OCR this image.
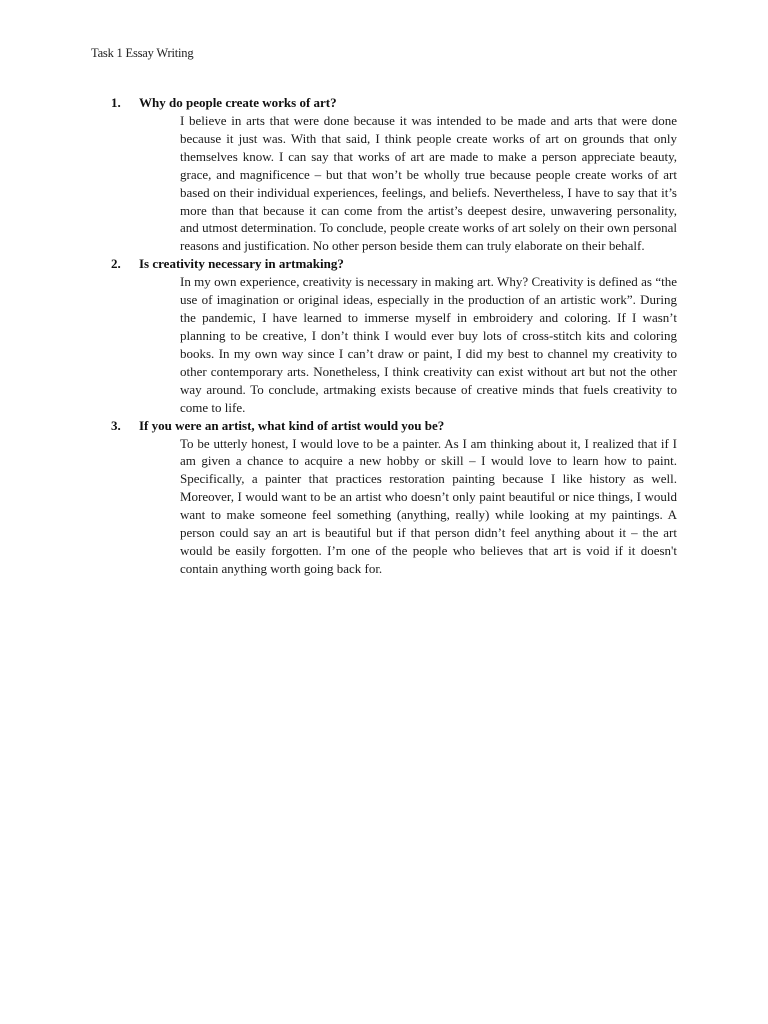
Task 1 Essay Writing
1.	Why do people create works of art?

I believe in arts that were done because it was intended to be made and arts that were done because it just was. With that said, I think people create works of art on grounds that only themselves know. I can say that works of art are made to make a person appreciate beauty, grace, and magnificence – but that won’t be wholly true because people create works of art based on their individual experiences, feelings, and beliefs. Nevertheless, I have to say that it’s more than that because it can come from the artist’s deepest desire, unwavering personality, and utmost determination. To conclude, people create works of art solely on their own personal reasons and justification. No other person beside them can truly elaborate on their behalf.

2.	Is creativity necessary in artmaking?

In my own experience, creativity is necessary in making art. Why? Creativity is defined as “the use of imagination or original ideas, especially in the production of an artistic work”. During the pandemic, I have learned to immerse myself in embroidery and coloring. If I wasn’t planning to be creative, I don’t think I would ever buy lots of cross-stitch kits and coloring books. In my own way since I can’t draw or paint, I did my best to channel my creativity to other contemporary arts. Nonetheless, I think creativity can exist without art but not the other way around. To conclude, artmaking exists because of creative minds that fuels creativity to come to life.

3.	If you were an artist, what kind of artist would you be?

To be utterly honest, I would love to be a painter. As I am thinking about it, I realized that if I am given a chance to acquire a new hobby or skill – I would love to learn how to paint. Specifically, a painter that practices restoration painting because I like history as well. Moreover, I would want to be an artist who doesn’t only paint beautiful or nice things, I would want to make someone feel something (anything, really) while looking at my paintings. A person could say an art is beautiful but if that person didn’t feel anything about it – the art would be easily forgotten. I’m one of the people who believes that art is void if it doesn't contain anything worth going back for.
